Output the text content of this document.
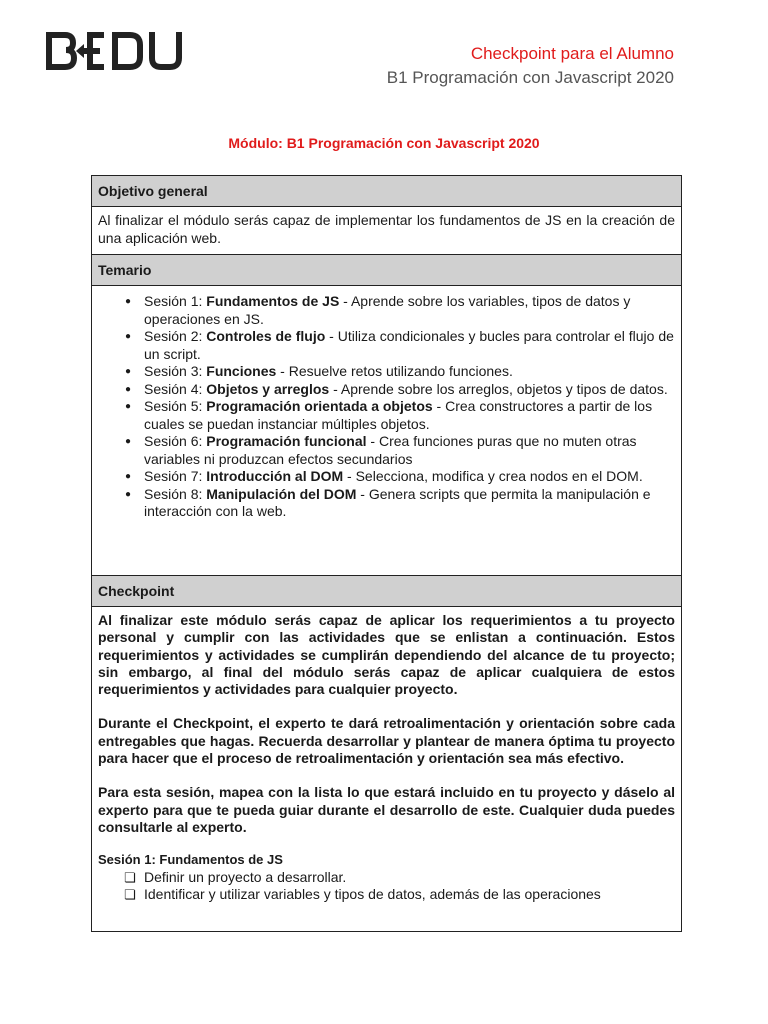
Checkpoint para el Alumno
B1 Programación con Javascript 2020
Módulo: B1 Programación con Javascript 2020
Objetivo general
Al finalizar el módulo serás capaz de implementar los fundamentos de JS en la creación de una aplicación web.
Temario
● Sesión 1: Fundamentos de JS - Aprende sobre los variables, tipos de datos y operaciones en JS.
● Sesión 2: Controles de flujo - Utiliza condicionales y bucles para controlar el flujo de un script.
● Sesión 3: Funciones - Resuelve retos utilizando funciones.
● Sesión 4: Objetos y arreglos - Aprende sobre los arreglos, objetos y tipos de datos.
● Sesión 5: Programación orientada a objetos - Crea constructores a partir de los cuales se puedan instanciar múltiples objetos.
● Sesión 6: Programación funcional - Crea funciones puras que no muten otras variables ni produzcan efectos secundarios
● Sesión 7: Introducción al DOM - Selecciona, modifica y crea nodos en el DOM.
● Sesión 8: Manipulación del DOM - Genera scripts que permita la manipulación e interacción con la web.
Checkpoint

Al finalizar este módulo serás capaz de aplicar los requerimientos a tu proyecto personal y cumplir con las actividades que se enlistan a continuación. Estos requerimientos y actividades se cumplirán dependiendo del alcance de tu proyecto; sin embargo, al final del módulo serás capaz de aplicar cualquiera de estos requerimientos y actividades para cualquier proyecto.

Durante el Checkpoint, el experto te dará retroalimentación y orientación sobre cada entregables que hagas. Recuerda desarrollar y plantear de manera óptima tu proyecto para hacer que el proceso de retroalimentación y orientación sea más efectivo.

Para esta sesión, mapea con la lista lo que estará incluido en tu proyecto y dáselo al experto para que te pueda guiar durante el desarrollo de este. Cualquier duda puedes consultarle al experto.

Sesión 1: Fundamentos de JS
❏ Definir un proyecto a desarrollar.
❏ Identificar y utilizar variables y tipos de datos, además de las operaciones
